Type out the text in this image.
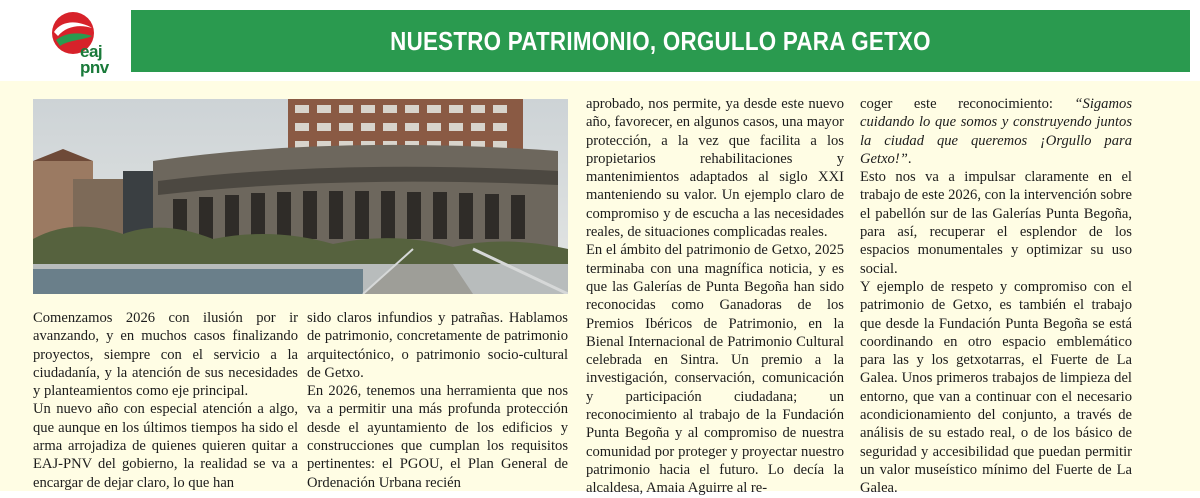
eaj
pnv
NUESTRO PATRIMONIO, ORGULLO PARA GETXO

Comenzamos 2026 con ilusión por ir avanzando, y en muchos casos finalizando proyectos, siempre con el servicio a la ciudadanía, y la atención de sus necesidades y planteamientos como eje principal.

Un nuevo año con especial atención a algo, que aunque en los últimos tiempos ha sido el arma arrojadiza de quienes quieren quitar a EAJ-PNV del gobierno, la realidad se va a encargar de dejar claro, lo que han

sido claros infundios y patrañas. Hablamos de patrimonio, concretamente de patrimonio arquitectónico, o patrimonio socio-cultural de Getxo.

En 2026, tenemos una herramienta que nos va a permitir una más profunda protección desde el ayuntamiento de los edificios y construcciones que cumplan los requisitos pertinentes: el PGOU, el Plan General de Ordenación Urbana recién

aprobado, nos permite, ya desde este nuevo año, favorecer, en algunos casos, una mayor protección, a la vez que facilita a los propietarios rehabilitaciones y mantenimientos adaptados al siglo XXI manteniendo su valor. Un ejemplo claro de compromiso y de escucha a las necesidades reales, de situaciones complicadas reales.

En el ámbito del patrimonio de Getxo, 2025 terminaba con una magnífica noticia, y es que las Galerías de Punta Begoña han sido reconocidas como Ganadoras de los Premios Ibéricos de Patrimonio, en la Bienal Internacional de Patrimonio Cultural celebrada en Sintra. Un premio a la investigación, conservación, comunicación y participación ciudadana; un reconocimiento al trabajo de la Fundación Punta Begoña y al compromiso de nuestra comunidad por proteger y proyectar nuestro patrimonio hacia el futuro. Lo decía la alcaldesa, Amaia Aguirre al re-

coger este reconocimiento: “Sigamos cuidando lo que somos y construyendo juntos la ciudad que queremos ¡Orgullo para Getxo!”.

Esto nos va a impulsar claramente en el trabajo de este 2026, con la intervención sobre el pabellón sur de las Galerías Punta Begoña, para así, recuperar el esplendor de los espacios monumentales y optimizar su uso social.

Y ejemplo de respeto y compromiso con el patrimonio de Getxo, es también el trabajo que desde la Fundación Punta Begoña se está coordinando en otro espacio emblemático para las y los getxotarras, el Fuerte de La Galea. Unos primeros trabajos de limpieza del entorno, que van a continuar con el necesario acondicionamiento del conjunto, a través de análisis de su estado real, o de los básico de seguridad y accesibilidad que puedan permitir un valor museístico mínimo del Fuerte de La Galea.
